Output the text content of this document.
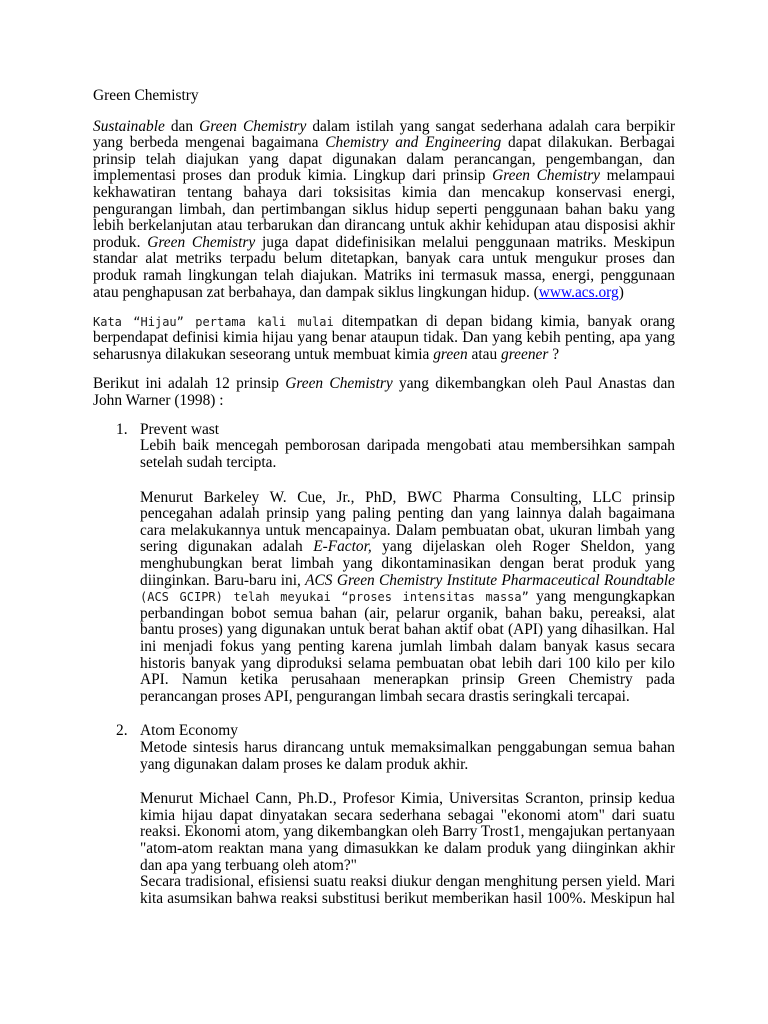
Green Chemistry

Sustainable dan Green Chemistry dalam istilah yang sangat sederhana adalah cara berpikir yang berbeda mengenai bagaimana Chemistry and Engineering dapat dilakukan. Berbagai prinsip telah diajukan yang dapat digunakan dalam perancangan, pengembangan, dan implementasi proses dan produk kimia. Lingkup dari prinsip Green Chemistry melampaui kekhawatiran tentang bahaya dari toksisitas kimia dan mencakup konservasi energi, pengurangan limbah, dan pertimbangan siklus hidup seperti penggunaan bahan baku yang lebih berkelanjutan atau terbarukan dan dirancang untuk akhir kehidupan atau disposisi akhir produk. Green Chemistry juga dapat didefinisikan melalui penggunaan matriks. Meskipun standar alat metriks terpadu belum ditetapkan, banyak cara untuk mengukur proses dan produk ramah lingkungan telah diajukan. Matriks ini termasuk massa, energi, penggunaan atau penghapusan zat berbahaya, dan dampak siklus lingkungan hidup. (www.acs.org)

Kata “Hijau” pertama kali mulai ditempatkan di depan bidang kimia, banyak orang berpendapat definisi kimia hijau yang benar ataupun tidak. Dan yang kebih penting, apa yang seharusnya dilakukan seseorang untuk membuat kimia green atau greener ?

Berikut ini adalah 12 prinsip Green Chemistry yang dikembangkan oleh Paul Anastas dan John Warner (1998) :

1. Prevent wast

Lebih baik mencegah pemborosan daripada mengobati atau membersihkan sampah setelah sudah tercipta.

Menurut Barkeley W. Cue, Jr., PhD, BWC Pharma Consulting, LLC prinsip pencegahan adalah prinsip yang paling penting dan yang lainnya dalah bagaimana cara melakukannya untuk mencapainya. Dalam pembuatan obat, ukuran limbah yang sering digunakan adalah E-Factor, yang dijelaskan oleh Roger Sheldon, yang menghubungkan berat limbah yang dikontaminasikan dengan berat produk yang diinginkan. Baru-baru ini, ACS Green Chemistry Institute Pharmaceutical Roundtable (ACS GCIPR) telah meyukai “proses intensitas massa” yang mengungkapkan perbandingan bobot semua bahan (air, pelarur organik, bahan baku, pereaksi, alat bantu proses) yang digunakan untuk berat bahan aktif obat (API) yang dihasilkan. Hal ini menjadi fokus yang penting karena jumlah limbah dalam banyak kasus secara historis banyak yang diproduksi selama pembuatan obat lebih dari 100 kilo per kilo API. Namun ketika perusahaan menerapkan prinsip Green Chemistry pada perancangan proses API, pengurangan limbah secara drastis seringkali tercapai.

2. Atom Economy

Metode sintesis harus dirancang untuk memaksimalkan penggabungan semua bahan yang digunakan dalam proses ke dalam produk akhir.

Menurut Michael Cann, Ph.D., Profesor Kimia, Universitas Scranton, prinsip kedua kimia hijau dapat dinyatakan secara sederhana sebagai "ekonomi atom" dari suatu reaksi. Ekonomi atom, yang dikembangkan oleh Barry Trost1, mengajukan pertanyaan "atom-atom reaktan mana yang dimasukkan ke dalam produk yang diinginkan akhir dan apa yang terbuang oleh atom?"

Secara tradisional, efisiensi suatu reaksi diukur dengan menghitung persen yield. Mari kita asumsikan bahwa reaksi substitusi berikut memberikan hasil 100%. Meskipun hal
